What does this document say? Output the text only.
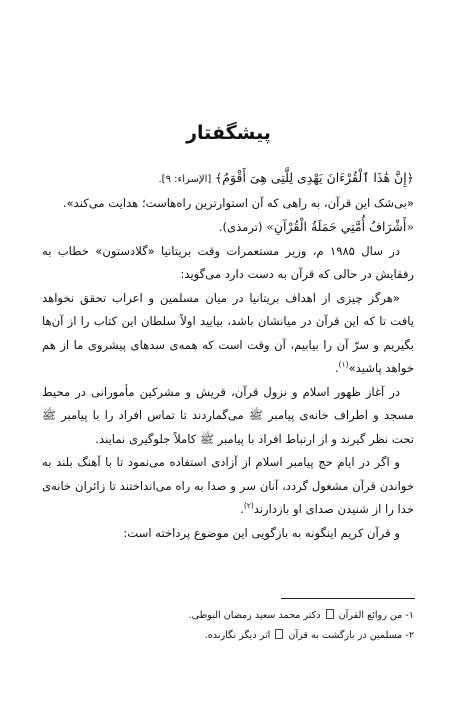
پیشگفتار

﴿إِنَّ هَٰذَا ٱلْقُرْءَانَ يَهْدِى لِلَّتِى هِىَ أَقْوَمُ﴾ [الإسراء: ۹].

«بی‌شک این قرآن، به راهی که آن استوارترین راه‌هاست؛ هدایت می‌کند».

«أَشْرَافُ أُمَّتِي حَمَلَةُ الْقُرْآنِ» (ترمذی).

در سال ۱۹۸۵ م، وزیر مستعمرات وقت بریتانیا «گلادستون» خطاب به رفقایش در حالی که قرآن به دست دارد می‌گوید:

«هرگز چیزی از اهداف بریتانیا در میان مسلمین و اعراب تحقق نخواهد یافت تا که این قرآن در میانشان باشد، بیایید اولاً سلطان این کتاب را از آن‌ها بگیریم و سرّ آن را بیابیم، آن وقت است که همه‌ی سدهای پیشروی ما از هم خواهد پاشید»$^{(۱)}$.

در آغاز ظهور اسلام و نزول قرآن، قریش و مشرکین مأمورانی در محیط مسجد و اطراف خانه‌ی پیامبر ﷺ می‌گماردند تا تماس افراد را با پیامبر ﷺ تحت نظر گیرند و از ارتباط افراد با پیامبر ﷺ کاملاً جلوگیری نمایند.

و اگر در ایام حج پیامبر اسلام از آزادی استفاده می‌نمود تا با آهنگ بلند به خواندن قرآن مشغول گردد، آنان سر و صدا به راه می‌انداختند تا زائران خانه‌ی خدا را از شنیدن صدای او بازدارند$^{(۲)}$.

و قرآن کریم اینگونه به بازگویی این موضوع پرداخته است:

۱- من روائع القرآن  دکتر محمد سعید رمضان البوطی.

۲- مسلمین در بازگشت به قرآن  اثر دیگر نگارنده.
